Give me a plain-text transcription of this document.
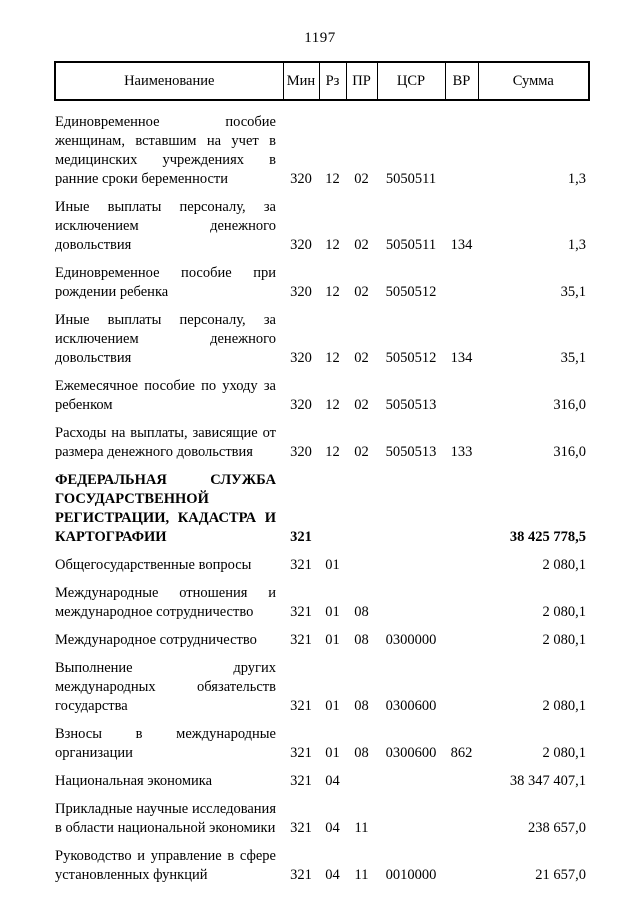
1197
Наименование	Мин	Рз	ПР	ЦСР	ВР	Сумма
Единовременное пособие женщинам, вставшим на учет в медицинских учреждениях в ранние сроки беременности	320	12	02	5050511		1,3
Иные выплаты персоналу, за исключением денежного довольствия	320	12	02	5050511	134	1,3
Единовременное пособие при рождении ребенка	320	12	02	5050512		35,1
Иные выплаты персоналу, за исключением денежного довольствия	320	12	02	5050512	134	35,1
Ежемесячное пособие по уходу за ребенком	320	12	02	5050513		316,0
Расходы на выплаты, зависящие от размера денежного довольствия	320	12	02	5050513	133	316,0
ФЕДЕРАЛЬНАЯ СЛУЖБА ГОСУДАРСТВЕННОЙ РЕГИСТРАЦИИ, КАДАСТРА И КАРТОГРАФИИ	321					38 425 778,5
Общегосударственные вопросы	321	01				2 080,1
Международные отношения и международное сотрудничество	321	01	08			2 080,1
Международное сотрудничество	321	01	08	0300000		2 080,1
Выполнение других международных обязательств государства	321	01	08	0300600		2 080,1
Взносы в международные организации	321	01	08	0300600	862	2 080,1
Национальная экономика	321	04				38 347 407,1
Прикладные научные исследования в области национальной экономики	321	04	11			238 657,0
Руководство и управление в сфере установленных функций	321	04	11	0010000		21 657,0
